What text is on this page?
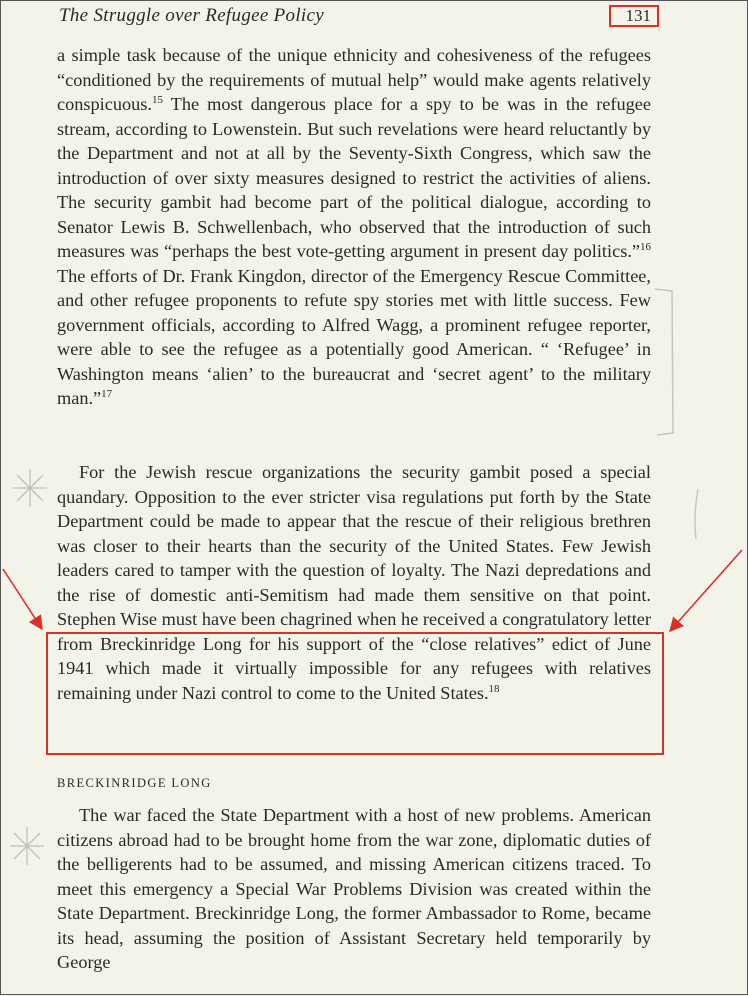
The Struggle over Refugee Policy	131

a simple task because of the unique ethnicity and cohesiveness of the refugees “conditioned by the requirements of mutual help” would make agents relatively conspicuous.$^{15}$ The most dangerous place for a spy to be was in the refugee stream, according to Lowenstein. But such revelations were heard reluctantly by the Department and not at all by the Seventy-Sixth Congress, which saw the introduction of over sixty measures designed to restrict the activities of aliens. The security gambit had become part of the political dialogue, according to Senator Lewis B. Schwellenbach, who observed that the introduction of such measures was “perhaps the best vote-getting argument in present day politics.”$^{16}$ The efforts of Dr. Frank Kingdon, director of the Emergency Rescue Committee, and other refugee proponents to refute spy stories met with little success. Few government officials, according to Alfred Wagg, a prominent refugee reporter, were able to see the refugee as a potentially good American. “ ‘Refugee’ in Washington means ‘alien’ to the bureaucrat and ‘secret agent’ to the military man.”$^{17}$

For the Jewish rescue organizations the security gambit posed a special quandary. Opposition to the ever stricter visa regulations put forth by the State Department could be made to appear that the rescue of their religious brethren was closer to their hearts than the security of the United States. Few Jewish leaders cared to tamper with the question of loyalty. The Nazi depredations and the rise of domestic anti-Semitism had made them sensitive on that point. Stephen Wise must have been chagrined when he received a congratulatory letter from Breckinridge Long for his support of the “close relatives” edict of June 1941 which made it virtually impossible for any refugees with relatives remaining under Nazi control to come to the United States.$^{18}$

BRECKINRIDGE LONG

The war faced the State Department with a host of new problems. American citizens abroad had to be brought home from the war zone, diplomatic duties of the belligerents had to be assumed, and missing American citizens traced. To meet this emergency a Special War Problems Division was created within the State Department. Breckinridge Long, the former Ambassador to Rome, became its head, assuming the position of Assistant Secretary held temporarily by George
